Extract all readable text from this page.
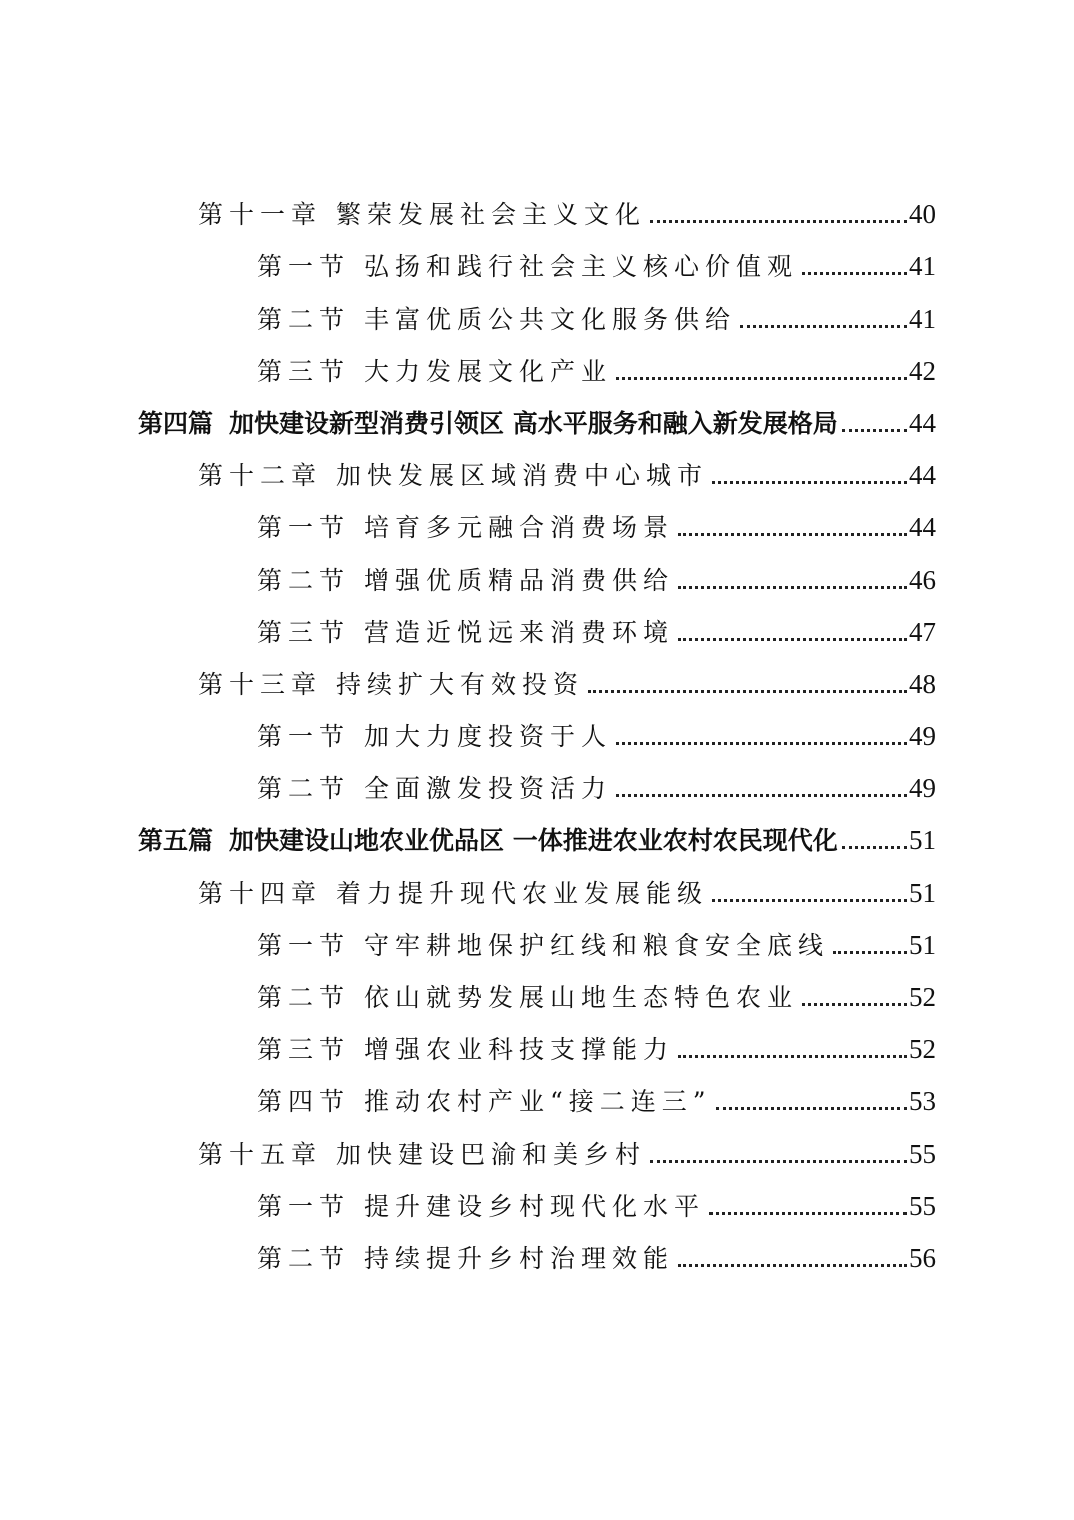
第十一章 繁荣发展社会主义文化	40
第一节 弘扬和践行社会主义核心价值观	41
第二节 丰富优质公共文化服务供给	41
第三节 大力发展文化产业	42
第四篇 加快建设新型消费引领区 高水平服务和融入新发展格局	44
第十二章 加快发展区域消费中心城市	44
第一节 培育多元融合消费场景	44
第二节 增强优质精品消费供给	46
第三节 营造近悦远来消费环境	47
第十三章 持续扩大有效投资	48
第一节 加大力度投资于人	49
第二节 全面激发投资活力	49
第五篇 加快建设山地农业优品区 一体推进农业农村农民现代化	51
第十四章 着力提升现代农业发展能级	51
第一节 守牢耕地保护红线和粮食安全底线	51
第二节 依山就势发展山地生态特色农业	52
第三节 增强农业科技支撑能力	52
第四节 推动农村产业“接二连三”	53
第十五章 加快建设巴渝和美乡村	55
第一节 提升建设乡村现代化水平	55
第二节 持续提升乡村治理效能	56
